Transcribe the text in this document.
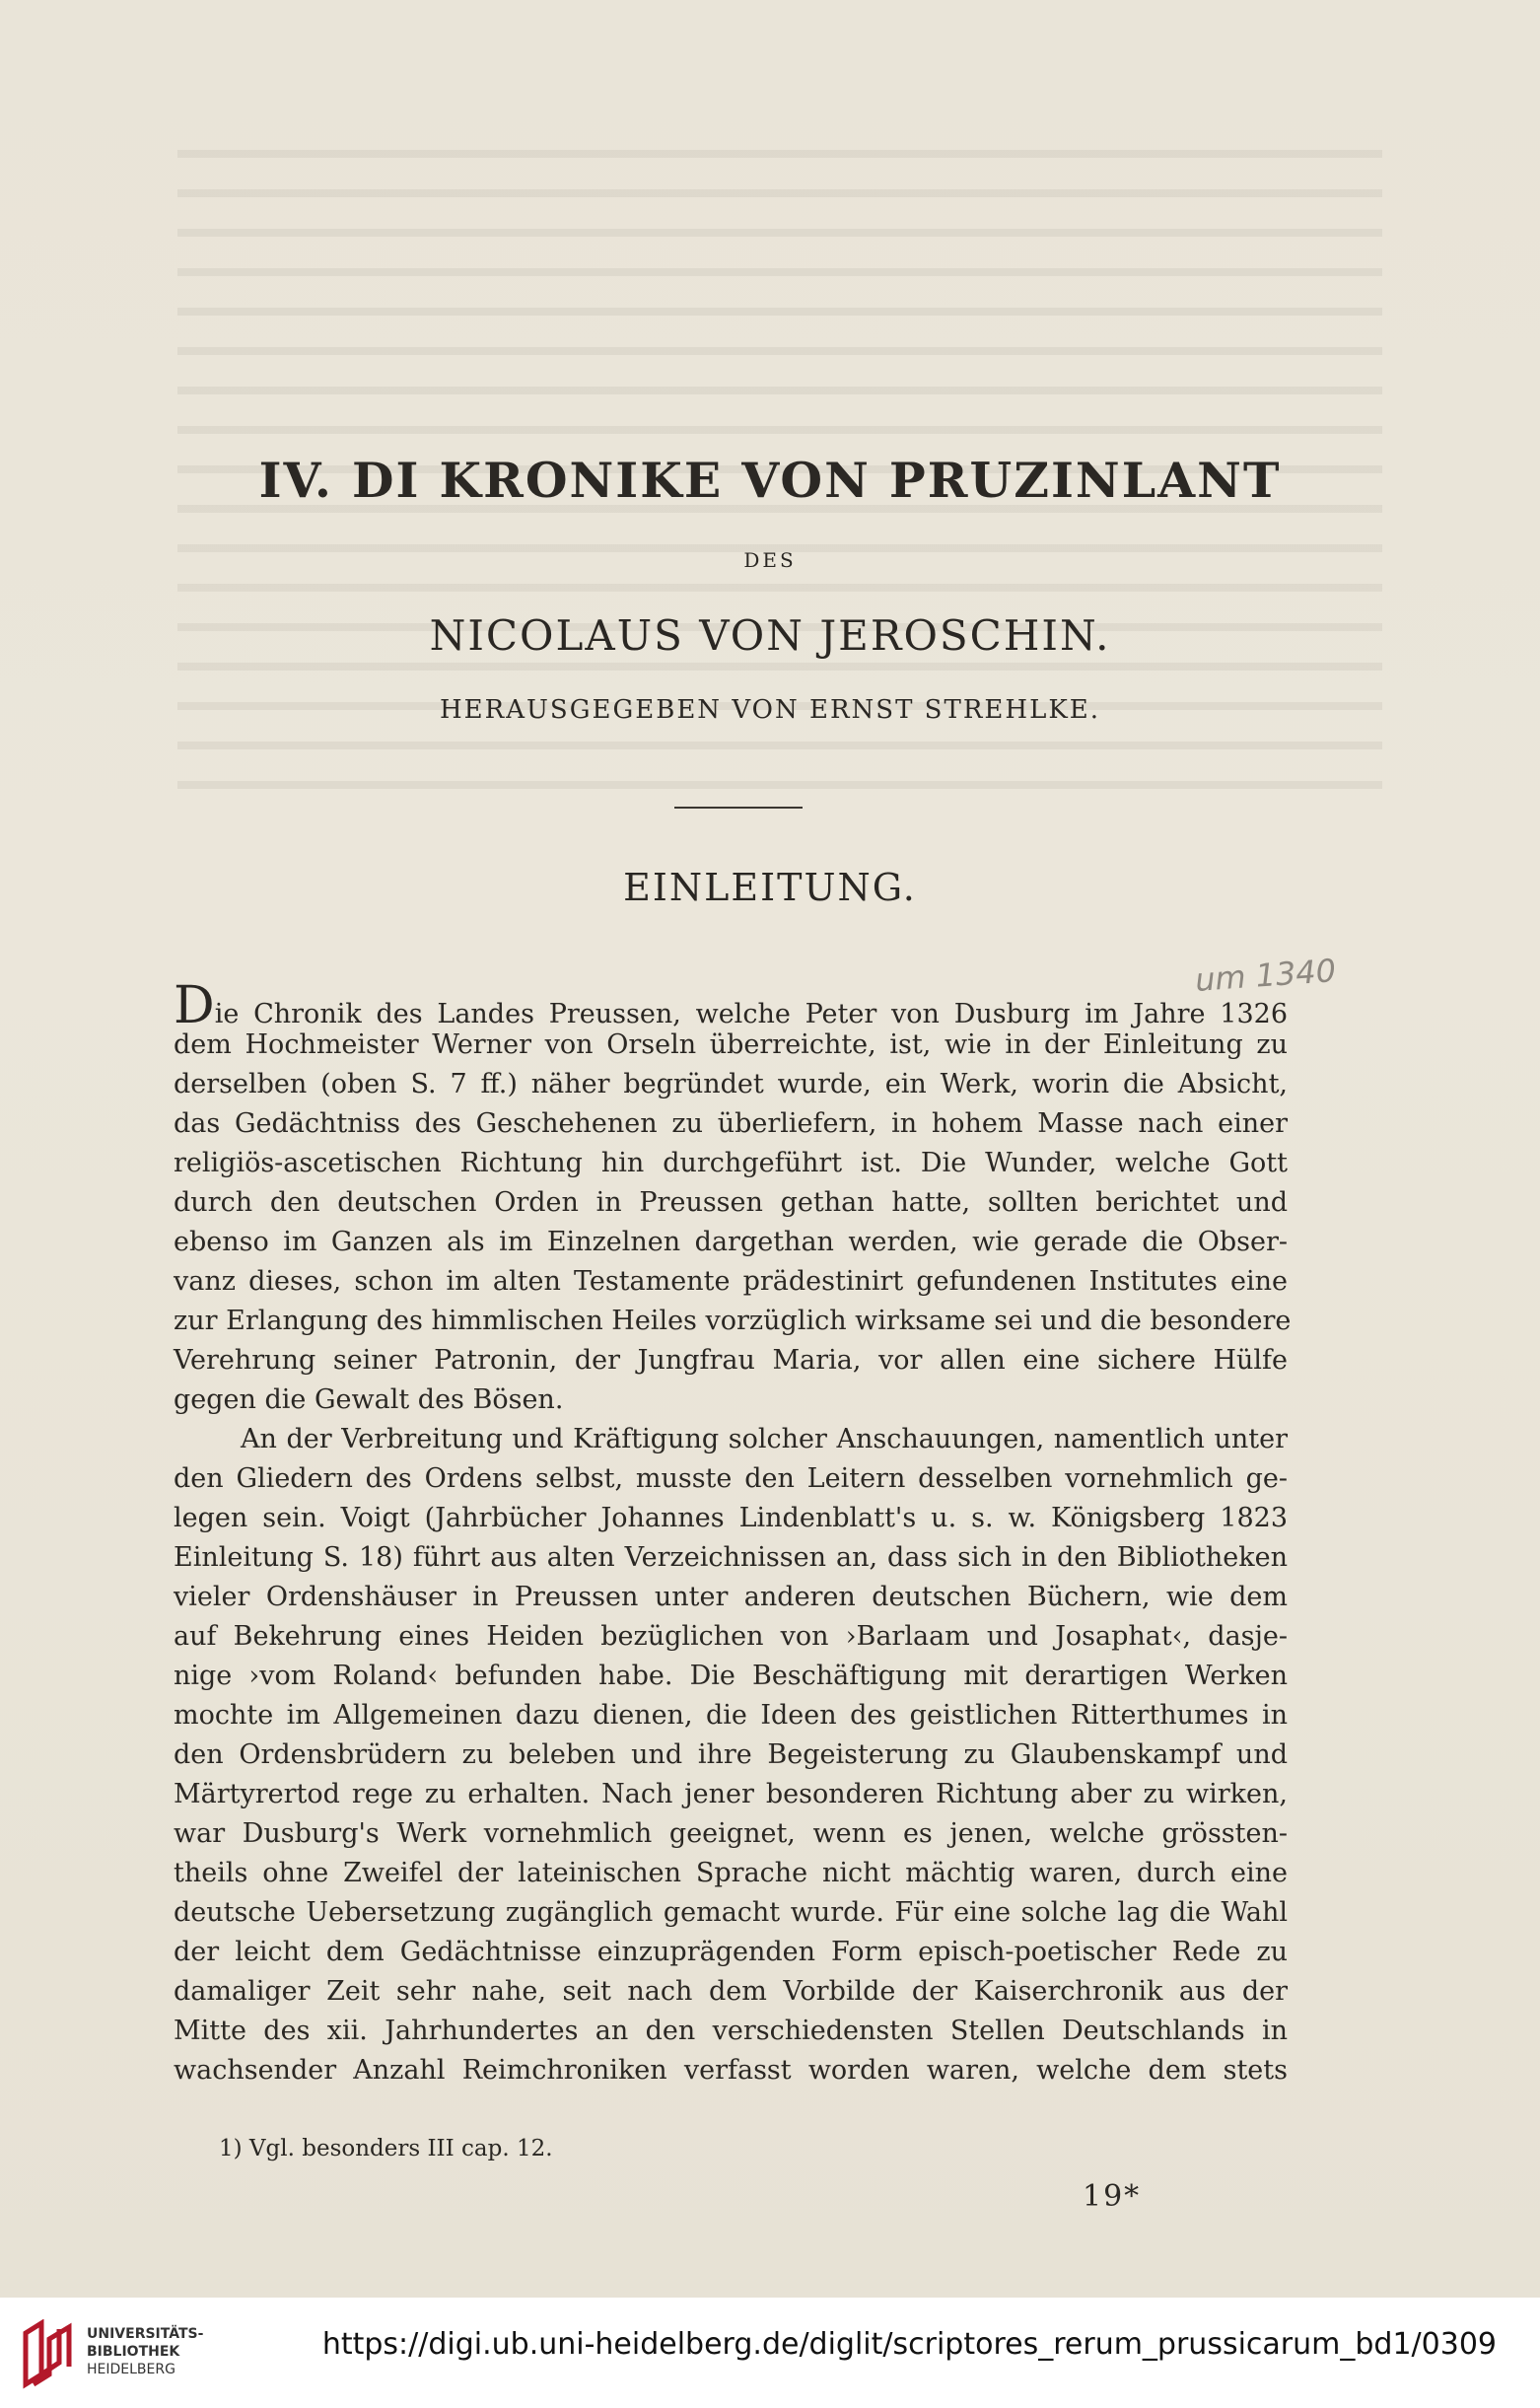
IV. DI KRONIKE VON PRUZINLANT
DES
NICOLAUS VON JEROSCHIN.
HERAUSGEGEBEN VON ERNST STREHLKE.
EINLEITUNG.
um 1340
Die Chronik des Landes Preussen, welche Peter von Dusburg im Jahre 1326
dem Hochmeister Werner von Orseln überreichte, ist, wie in der Einleitung zu
derselben (oben S. 7 ff.) näher begründet wurde, ein Werk, worin die Absicht,
das Gedächtniss des Geschehenen zu überliefern, in hohem Masse nach einer
religiös-ascetischen Richtung hin durchgeführt ist. Die Wunder, welche Gott
durch den deutschen Orden in Preussen gethan hatte, sollten berichtet und
ebenso im Ganzen als im Einzelnen dargethan werden, wie gerade die Obser-
vanz dieses, schon im alten Testamente prädestinirt gefundenen Institutes eine
zur Erlangung des himmlischen Heiles vorzüglich wirksame sei und die besondere
Verehrung seiner Patronin, der Jungfrau Maria, vor allen eine sichere Hülfe
gegen die Gewalt des Bösen.
An der Verbreitung und Kräftigung solcher Anschauungen, namentlich unter
den Gliedern des Ordens selbst, musste den Leitern desselben vornehmlich ge-
legen sein. Voigt (Jahrbücher Johannes Lindenblatt's u. s. w. Königsberg 1823
Einleitung S. 18) führt aus alten Verzeichnissen an, dass sich in den Bibliotheken
vieler Ordenshäuser in Preussen unter anderen deutschen Büchern, wie dem
auf Bekehrung eines Heiden bezüglichen von ›Barlaam und Josaphat‹, dasje-
nige ›vom Roland‹ befunden habe. Die Beschäftigung mit derartigen Werken
mochte im Allgemeinen dazu dienen, die Ideen des geistlichen Ritterthumes in
den Ordensbrüdern zu beleben und ihre Begeisterung zu Glaubenskampf und
Märtyrertod rege zu erhalten. Nach jener besonderen Richtung aber zu wirken,
war Dusburg's Werk vornehmlich geeignet, wenn es jenen, welche grössten-
theils ohne Zweifel der lateinischen Sprache nicht mächtig waren, durch eine
deutsche Uebersetzung zugänglich gemacht wurde. Für eine solche lag die Wahl
der leicht dem Gedächtnisse einzuprägenden Form episch-poetischer Rede zu
damaliger Zeit sehr nahe, seit nach dem Vorbilde der Kaiserchronik aus der
Mitte des xii. Jahrhundertes an den verschiedensten Stellen Deutschlands in
wachsender Anzahl Reimchroniken verfasst worden waren, welche dem stets
1) Vgl. besonders III cap. 12.
19*
UNIVERSITÄTS-
BIBLIOTHEK
HEIDELBERG
https://digi.ub.uni-heidelberg.de/diglit/scriptores_rerum_prussicarum_bd1/0309
